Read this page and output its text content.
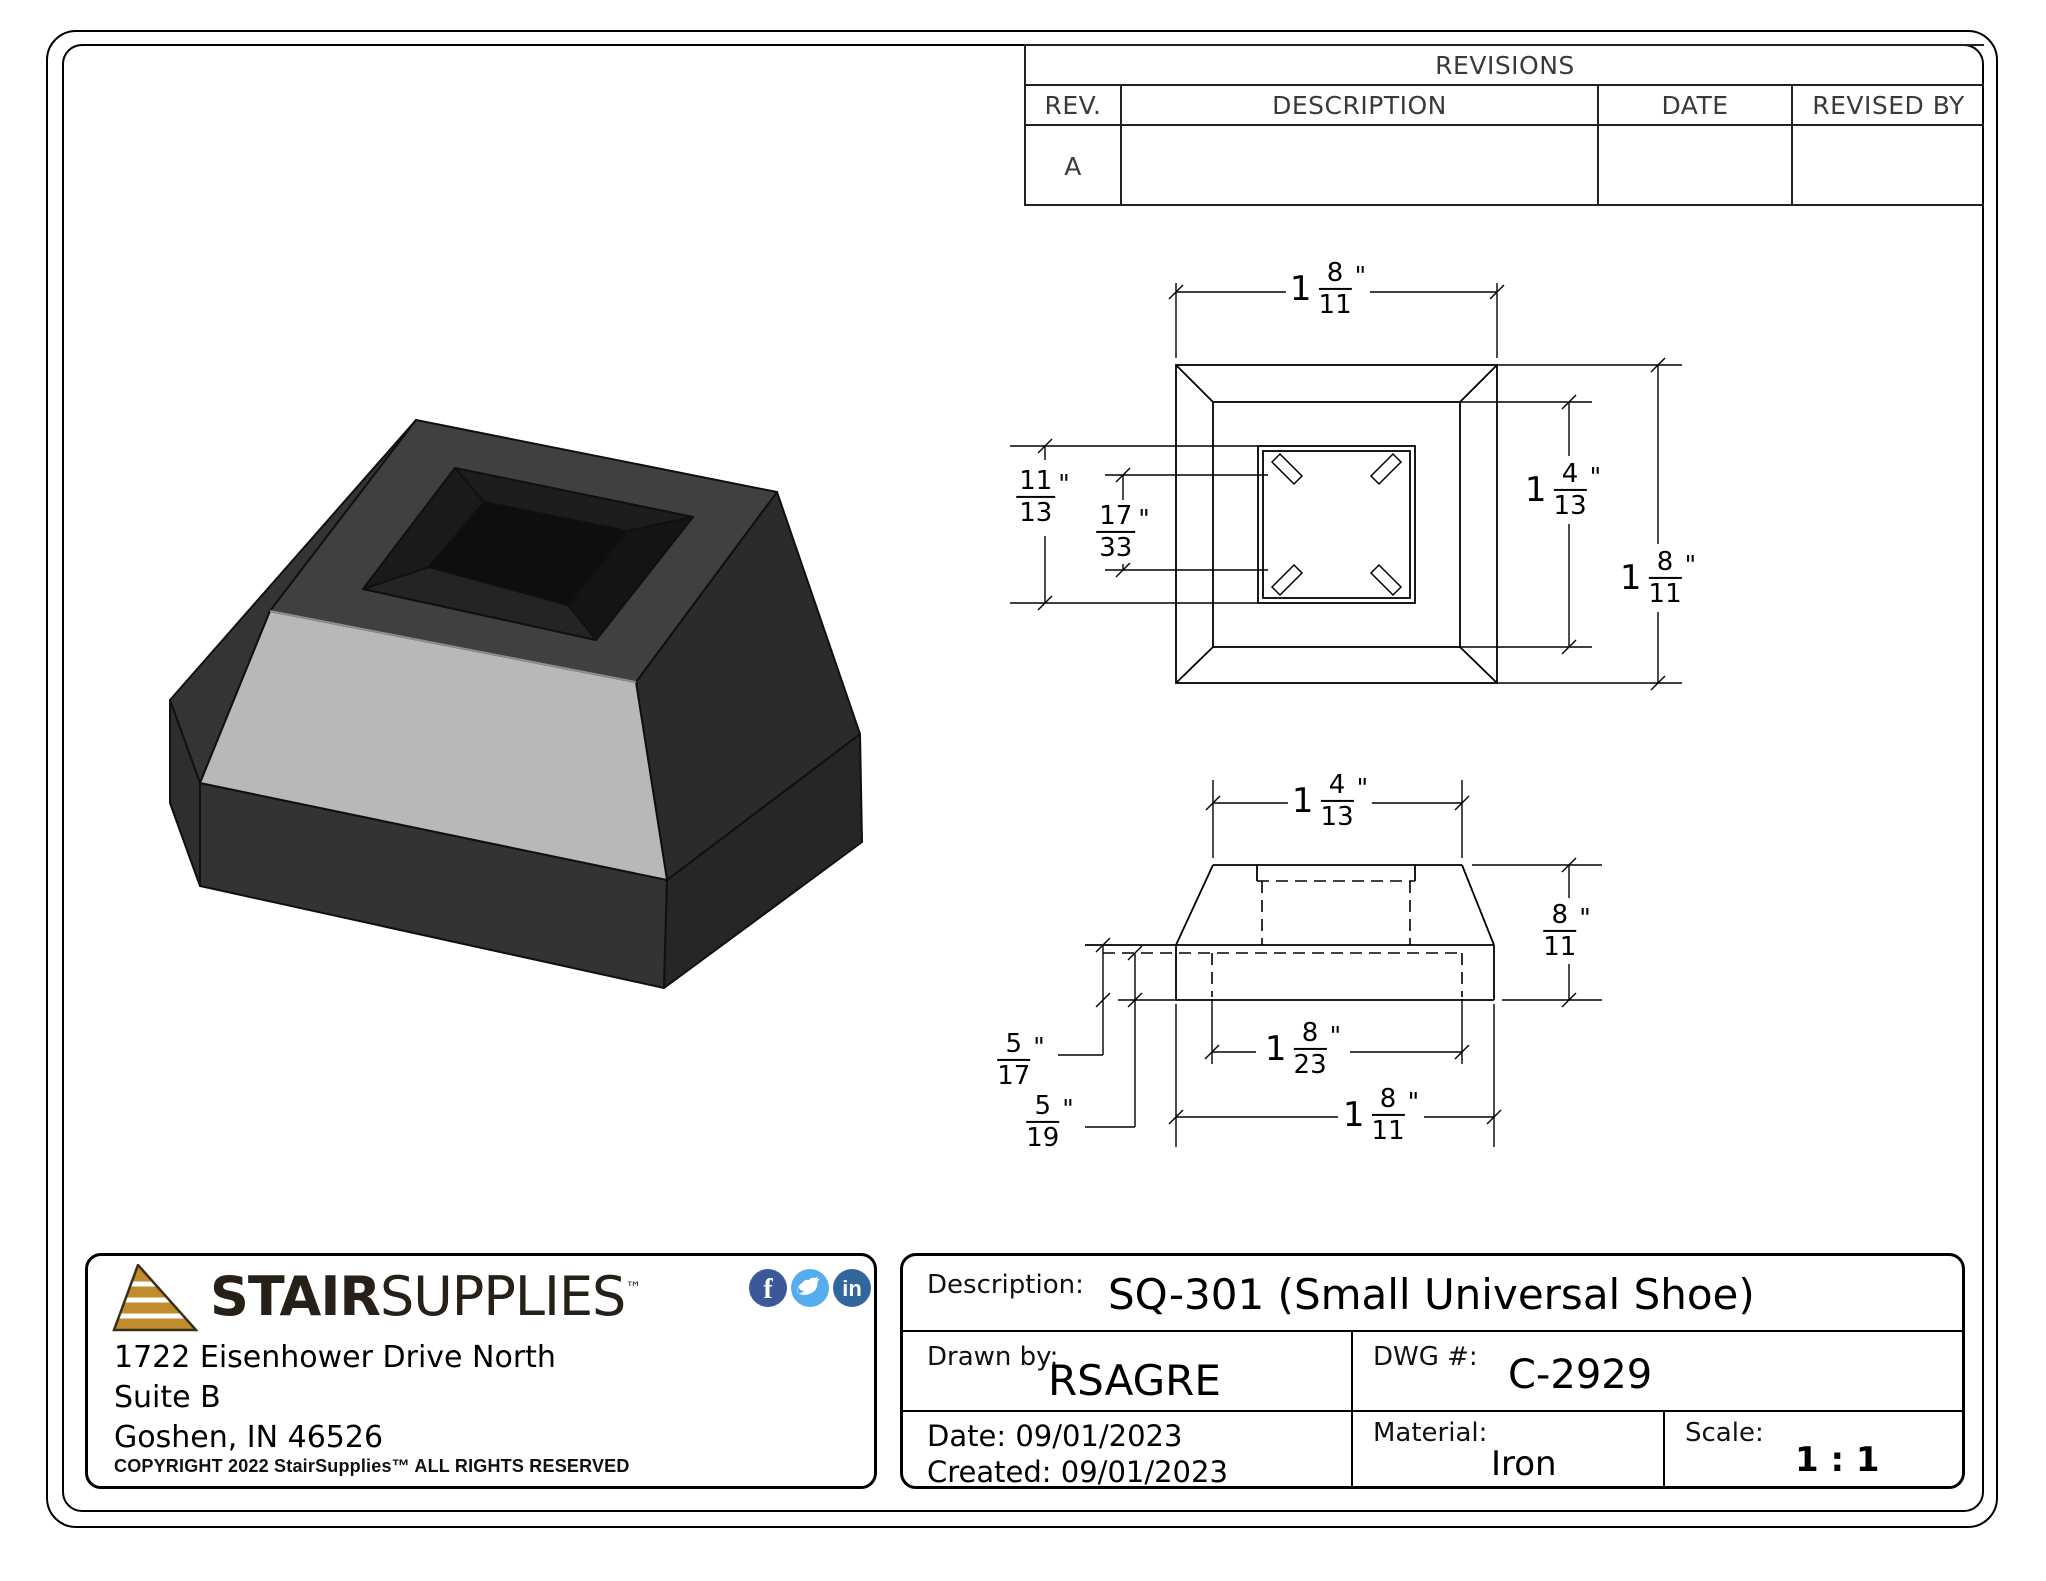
REVISIONS
REV.	DESCRIPTION	DATE	REVISED BY
A
1 8
11
"
11
13
"
17
33
"
1 4
13
"
1 8
11
"
1 4
13
"
8
11
"
1 8
23
"
1 8
11
"
5
17
"
5
19
"
STAIRSUPPLIES™	f	in
1722 Eisenhower Drive North
Suite B
Goshen, IN 46526
COPYRIGHT 2022 StairSupplies™ ALL RIGHTS RESERVED
Description: SQ-301 (Small Universal Shoe)
Drawn by:
RSAGRE	DWG #: C-2929
Date: 09/01/2023
Created: 09/01/2023
Material:
Iron
Scale:
1 : 1
